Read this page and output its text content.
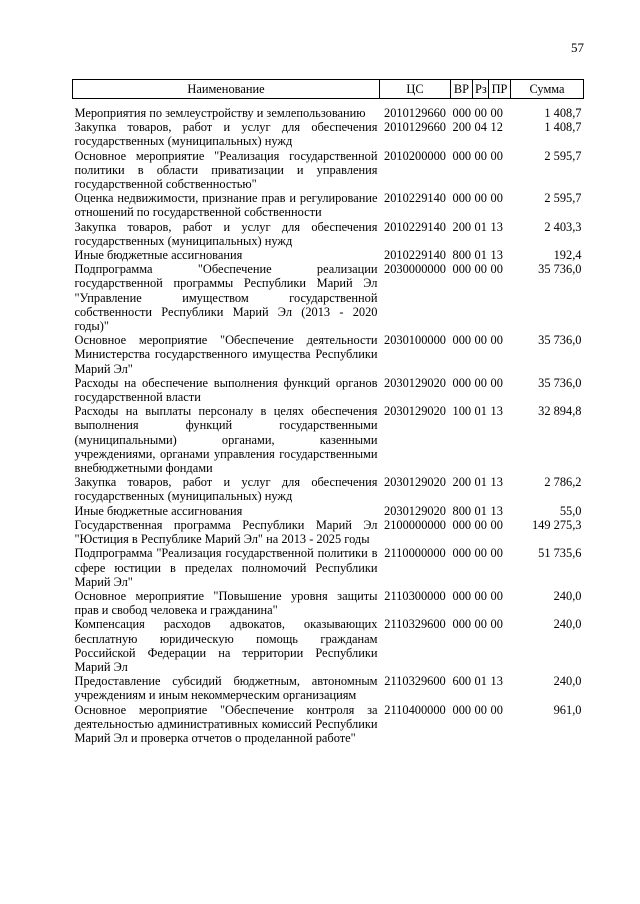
57
Наименование	ЦС	ВР	Рз	ПР	Сумма
Мероприятия по землеустройству и землепользованию	2010129660	000	00	00	1 408,7
Закупка товаров, работ и услуг для обеспечения государственных (муниципальных) нужд	2010129660	200	04	12	1 408,7
Основное мероприятие "Реализация государственной политики в области приватизации и управления государственной собственностью"	2010200000	000	00	00	2 595,7
Оценка недвижимости, признание прав и регулирование отношений по государственной собственности	2010229140	000	00	00	2 595,7
Закупка товаров, работ и услуг для обеспечения государственных (муниципальных) нужд	2010229140	200	01	13	2 403,3
Иные бюджетные ассигнования	2010229140	800	01	13	192,4
Подпрограмма "Обеспечение реализации государственной программы Республики Марий Эл "Управление имуществом государственной собственности Республики Марий Эл (2013 - 2020 годы)"	2030000000	000	00	00	35 736,0
Основное мероприятие "Обеспечение деятельности Министерства государственного имущества Республики Марий Эл"	2030100000	000	00	00	35 736,0
Расходы на обеспечение выполнения функций органов государственной власти	2030129020	000	00	00	35 736,0
Расходы на выплаты персоналу в целях обеспечения выполнения функций государственными (муниципальными) органами, казенными учреждениями, органами управления государственными внебюджетными фондами	2030129020	100	01	13	32 894,8
Закупка товаров, работ и услуг для обеспечения государственных (муниципальных) нужд	2030129020	200	01	13	2 786,2
Иные бюджетные ассигнования	2030129020	800	01	13	55,0
Государственная программа Республики Марий Эл "Юстиция в Республике Марий Эл" на 2013 - 2025 годы	2100000000	000	00	00	149 275,3
Подпрограмма "Реализация государственной политики в сфере юстиции в пределах полномочий Республики Марий Эл"	2110000000	000	00	00	51 735,6
Основное мероприятие "Повышение уровня защиты прав и свобод человека и гражданина"	2110300000	000	00	00	240,0
Компенсация расходов адвокатов, оказывающих бесплатную юридическую помощь гражданам Российской Федерации на территории Республики Марий Эл	2110329600	000	00	00	240,0
Предоставление субсидий бюджетным, автономным учреждениям и иным некоммерческим организациям	2110329600	600	01	13	240,0
Основное мероприятие "Обеспечение контроля за деятельностью административных комиссий Республики Марий Эл и проверка отчетов о проделанной работе"	2110400000	000	00	00	961,0
